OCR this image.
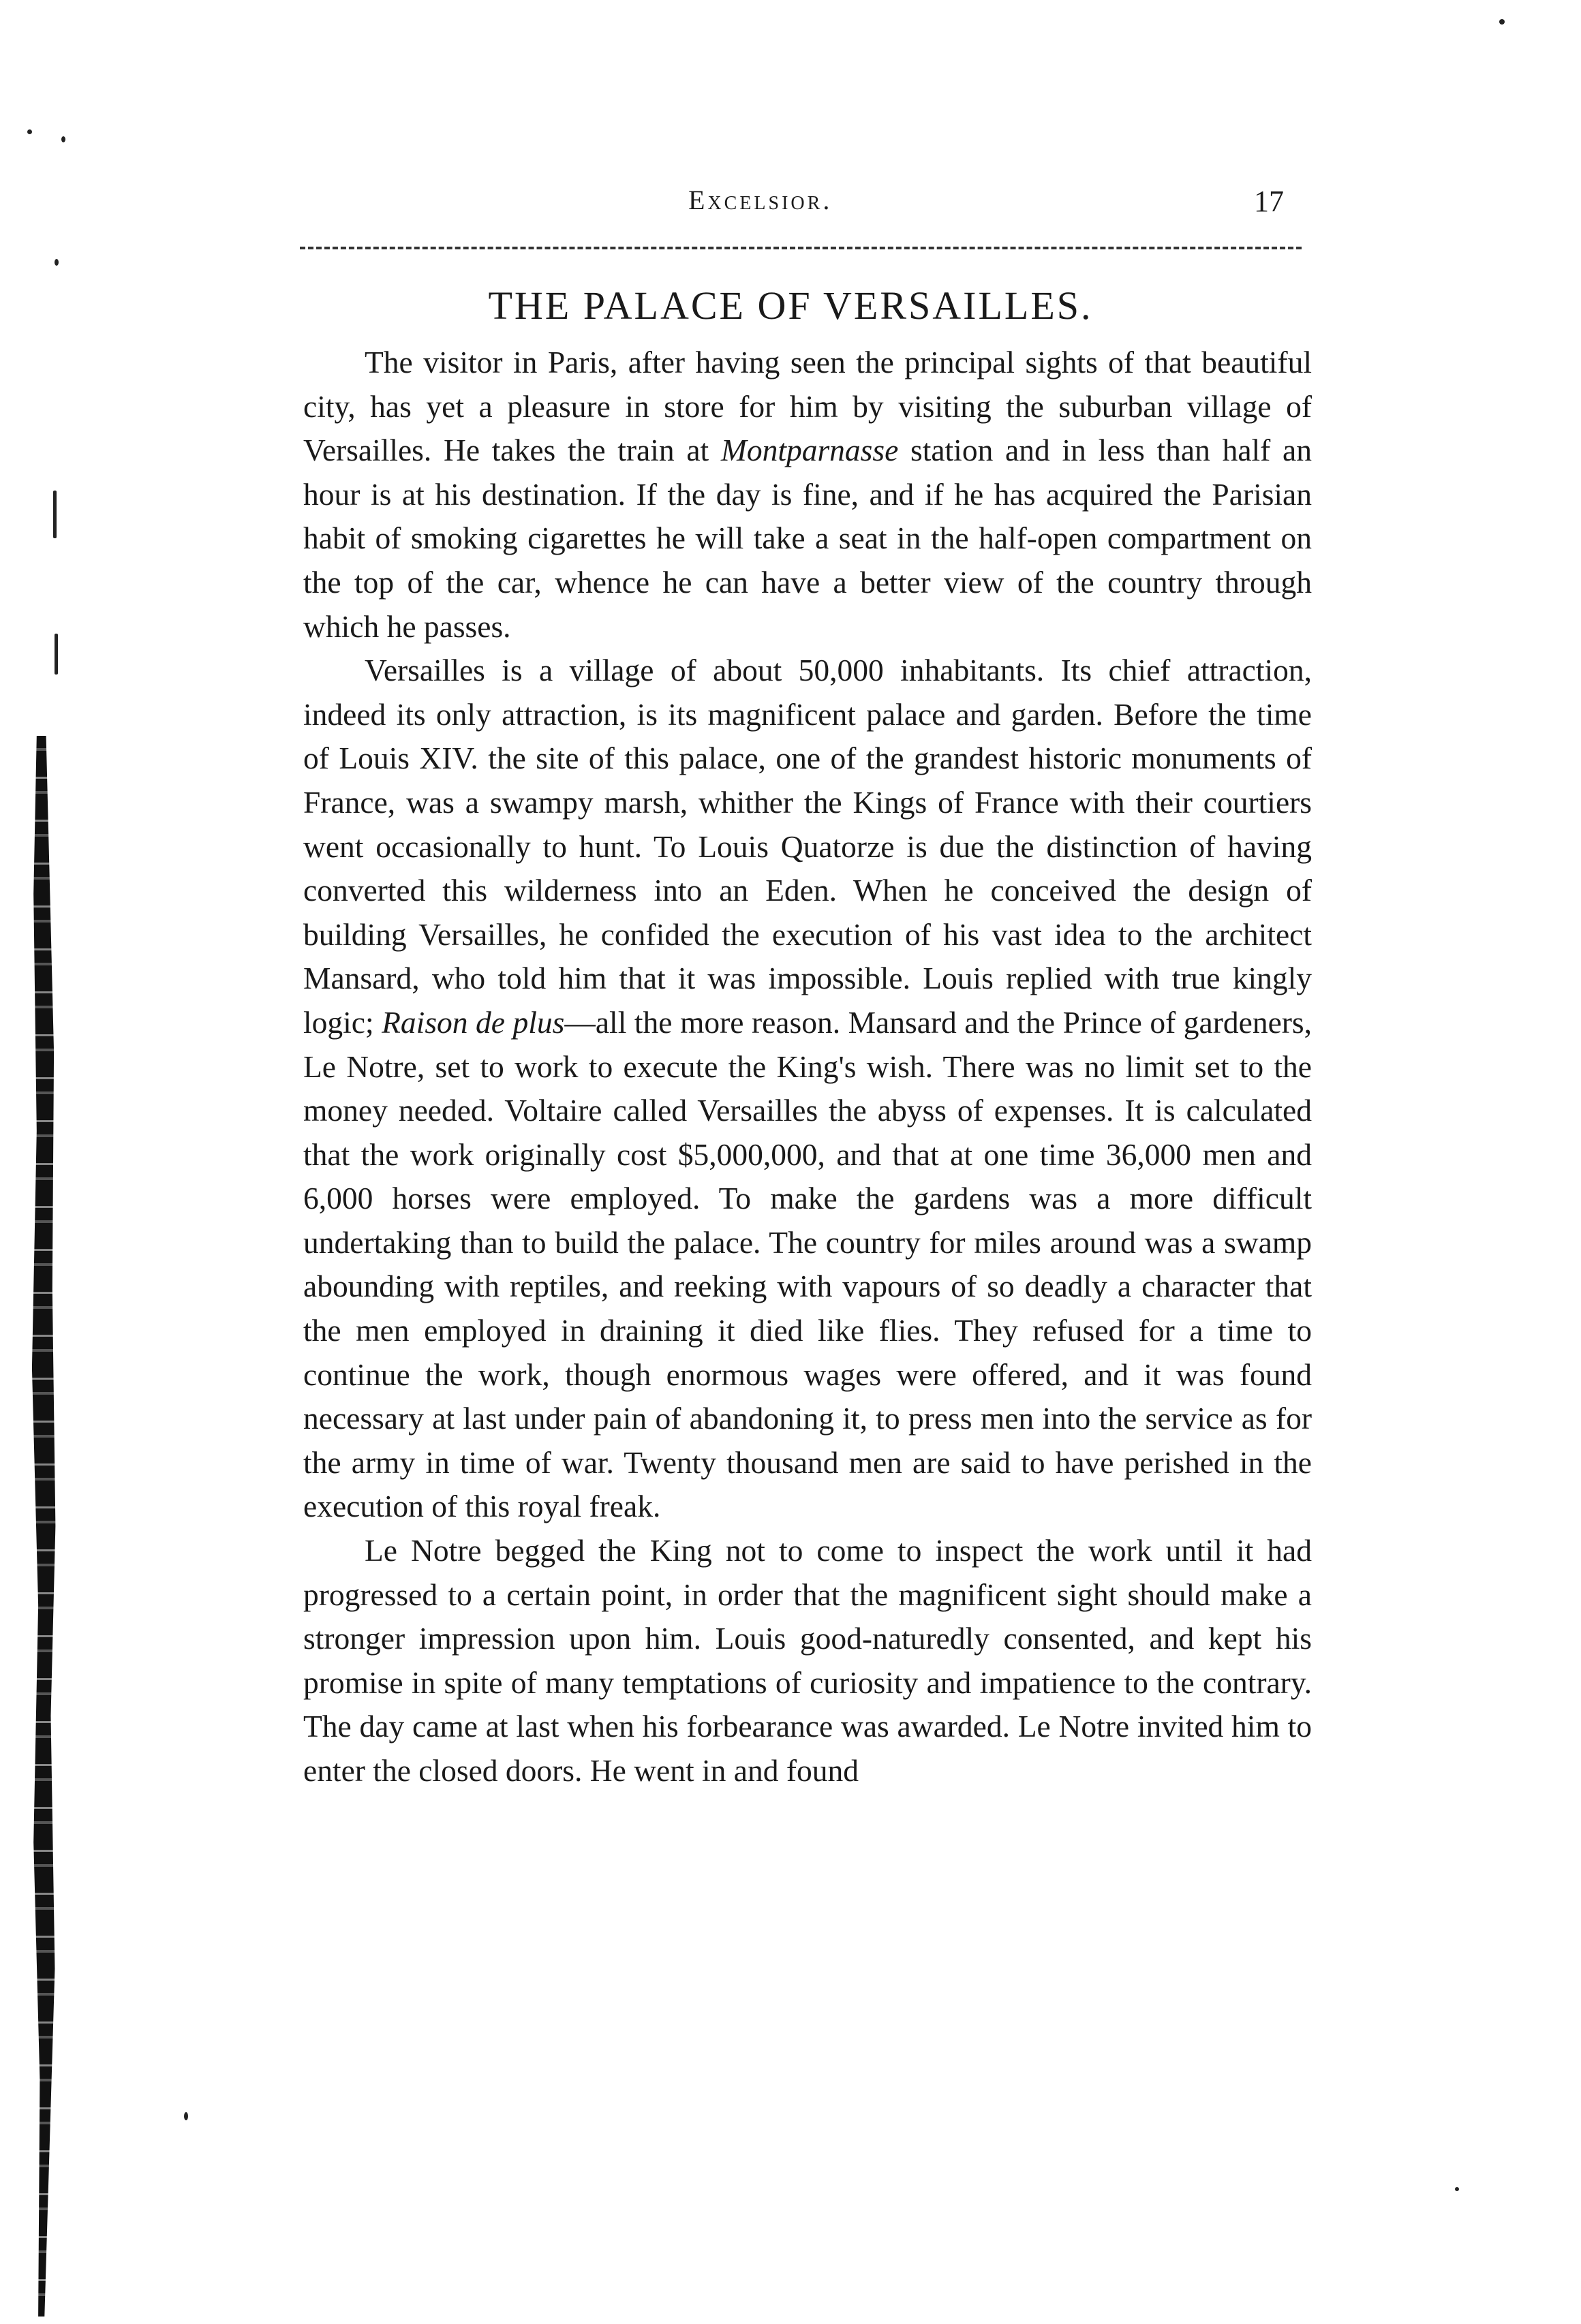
Excelsior.	17
THE PALACE OF VERSAILLES.

The visitor in Paris, after having seen the principal sights of that beautiful city, has yet a pleasure in store for him by visiting the suburban village of Versailles. He takes the train at Montparnasse station and in less than half an hour is at his destination. If the day is fine, and if he has acquired the Parisian habit of smoking cigarettes he will take a seat in the half-open compartment on the top of the car, whence he can have a better view of the country through which he passes.

Versailles is a village of about 50,000 inhabitants. Its chief attraction, indeed its only attraction, is its magnificent palace and garden. Before the time of Louis XIV. the site of this palace, one of the grandest historic monuments of France, was a swampy marsh, whither the Kings of France with their courtiers went occasionally to hunt. To Louis Quatorze is due the distinction of having converted this wilderness into an Eden. When he conceived the design of building Versailles, he confided the execution of his vast idea to the architect Mansard, who told him that it was impossible. Louis replied with true kingly logic; Raison de plus—all the more reason. Mansard and the Prince of gardeners, Le Notre, set to work to execute the King's wish. There was no limit set to the money needed. Voltaire called Versailles the abyss of expenses. It is calculated that the work originally cost $5,000,000, and that at one time 36,000 men and 6,000 horses were employed. To make the gardens was a more difficult undertaking than to build the palace. The country for miles around was a swamp abounding with reptiles, and reeking with vapours of so deadly a character that the men employed in draining it died like flies. They refused for a time to continue the work, though enormous wages were offered, and it was found necessary at last under pain of abandoning it, to press men into the service as for the army in time of war. Twenty thousand men are said to have perished in the execution of this royal freak.

Le Notre begged the King not to come to inspect the work until it had progressed to a certain point, in order that the magnificent sight should make a stronger impression upon him. Louis good-naturedly consented, and kept his promise in spite of many temptations of curiosity and impatience to the contrary. The day came at last when his forbearance was awarded. Le Notre invited him to enter the closed doors. He went in and found
